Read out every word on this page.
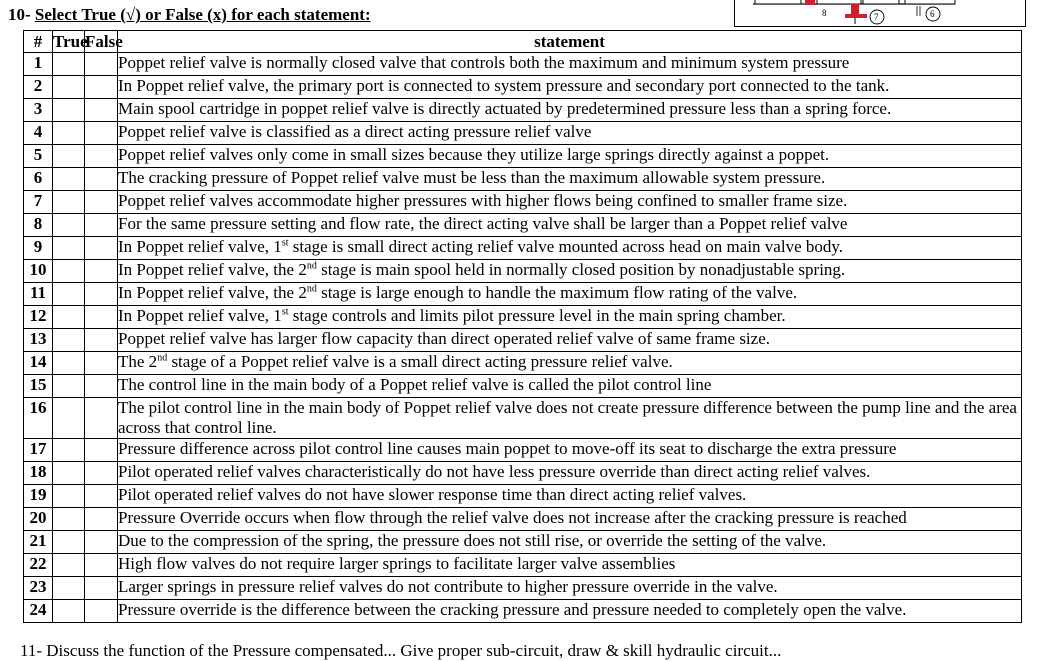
10- Select True (√) or False (x) for each statement:	8	7	6
#	True	False	statement
1			Poppet relief valve is normally closed valve that controls both the maximum and minimum system pressure
2			In Poppet relief valve, the primary port is connected to system pressure and secondary port connected to the tank.
3			Main spool cartridge in poppet relief valve is directly actuated by predetermined pressure less than a spring force.
4			Poppet relief valve is classified as a direct acting pressure relief valve
5			Poppet relief valves only come in small sizes because they utilize large springs directly against a poppet.
6			The cracking pressure of Poppet relief valve must be less than the maximum allowable system pressure.
7			Poppet relief valves accommodate higher pressures with higher flows being confined to smaller frame size.
8			For the same pressure setting and flow rate, the direct acting valve shall be larger than a Poppet relief valve
9			In Poppet relief valve, 1st stage is small direct acting relief valve mounted across head on main valve body.
10			In Poppet relief valve, the 2nd stage is main spool held in normally closed position by nonadjustable spring.
11			In Poppet relief valve, the 2nd stage is large enough to handle the maximum flow rating of the valve.
12			In Poppet relief valve, 1st stage controls and limits pilot pressure level in the main spring chamber.
13			Poppet relief valve has larger flow capacity than direct operated relief valve of same frame size.
14			The 2nd stage of a Poppet relief valve is a small direct acting pressure relief valve.
15			The control line in the main body of a Poppet relief valve is called the pilot control line
16			The pilot control line in the main body of Poppet relief valve does not create pressure difference between the pump line and the area across that control line.
17			Pressure difference across pilot control line causes main poppet to move-off its seat to discharge the extra pressure
18			Pilot operated relief valves characteristically do not have less pressure override than direct acting relief valves.
19			Pilot operated relief valves do not have slower response time than direct acting relief valves.
20			Pressure Override occurs when flow through the relief valve does not increase after the cracking pressure is reached
21			Due to the compression of the spring, the pressure does not still rise, or override the setting of the valve.
22			High flow valves do not require larger springs to facilitate larger valve assemblies
23			Larger springs in pressure relief valves do not contribute to higher pressure override in the valve.
24			Pressure override is the difference between the cracking pressure and pressure needed to completely open the valve.
11- Discuss the function of the Pressure compensated... Give proper sub-circuit, draw & skill hydraulic circuit...
